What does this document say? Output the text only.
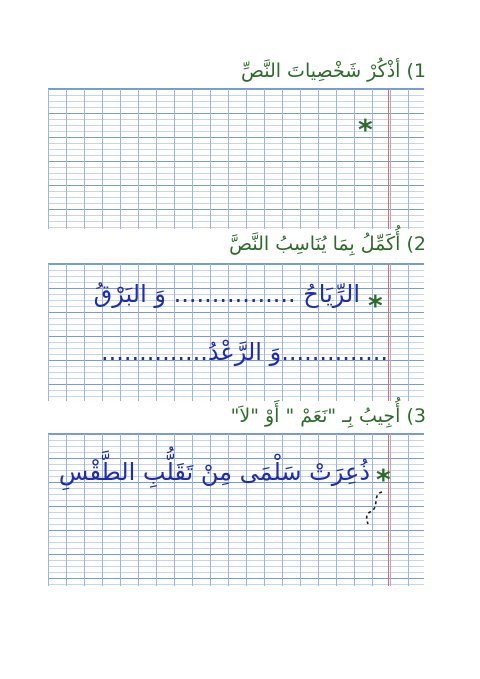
1) أذْكُرْ شَخْصِياتَ النَّصِّ
*
2) أُكَمِّلُ بِمَا يُنَاسِبُ النَّصَّ
*
الرِّيَاحُ ................ وَ البَرْقُ
..............وَ الرَّعْدُ..............
3) أُجِيبُ بِـ "نَعَمْ " أَوْ "لاَ"
*
ذُعِرَتْ سَلْمَى مِنْ تَقَلُّبِ الطَّقْسِ
